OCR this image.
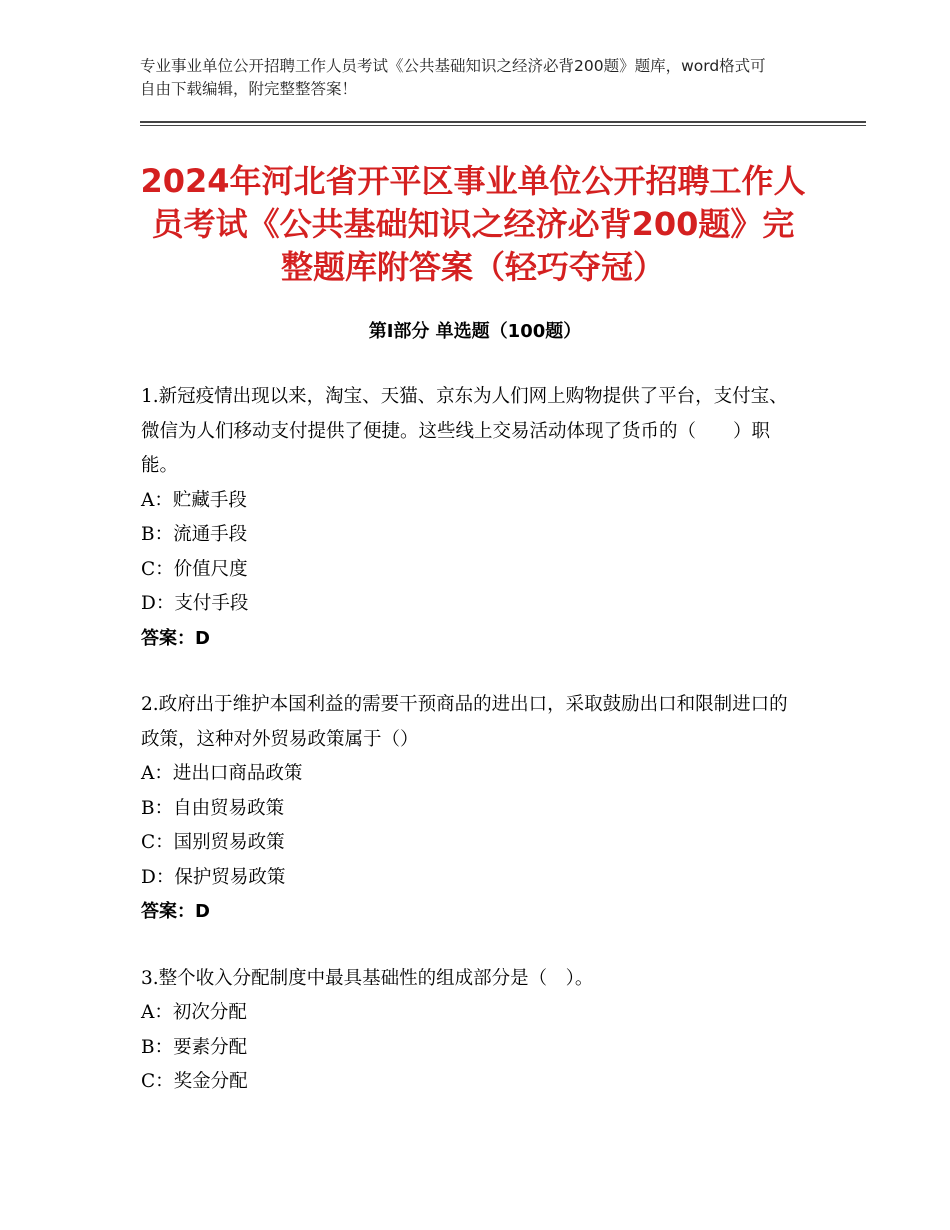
专业事业单位公开招聘工作人员考试《公共基础知识之经济必背200题》题库，word格式可自由下载编辑，附完整整答案！
2024年河北省开平区事业单位公开招聘工作人员考试《公共基础知识之经济必背200题》完整题库附答案（轻巧夺冠）
第Ⅰ部分 单选题（100题）
1.新冠疫情出现以来，淘宝、天猫、京东为人们网上购物提供了平台，支付宝、微信为人们移动支付提供了便捷。这些线上交易活动体现了货币的（　　）职能。
A：贮藏手段
B：流通手段
C：价值尺度
D：支付手段
答案：D
2.政府出于维护本国利益的需要干预商品的进出口，采取鼓励出口和限制进口的政策，这种对外贸易政策属于（）
A：进出口商品政策
B：自由贸易政策
C：国别贸易政策
D：保护贸易政策
答案：D
3.整个收入分配制度中最具基础性的组成部分是（　）。
A：初次分配
B：要素分配
C：奖金分配
